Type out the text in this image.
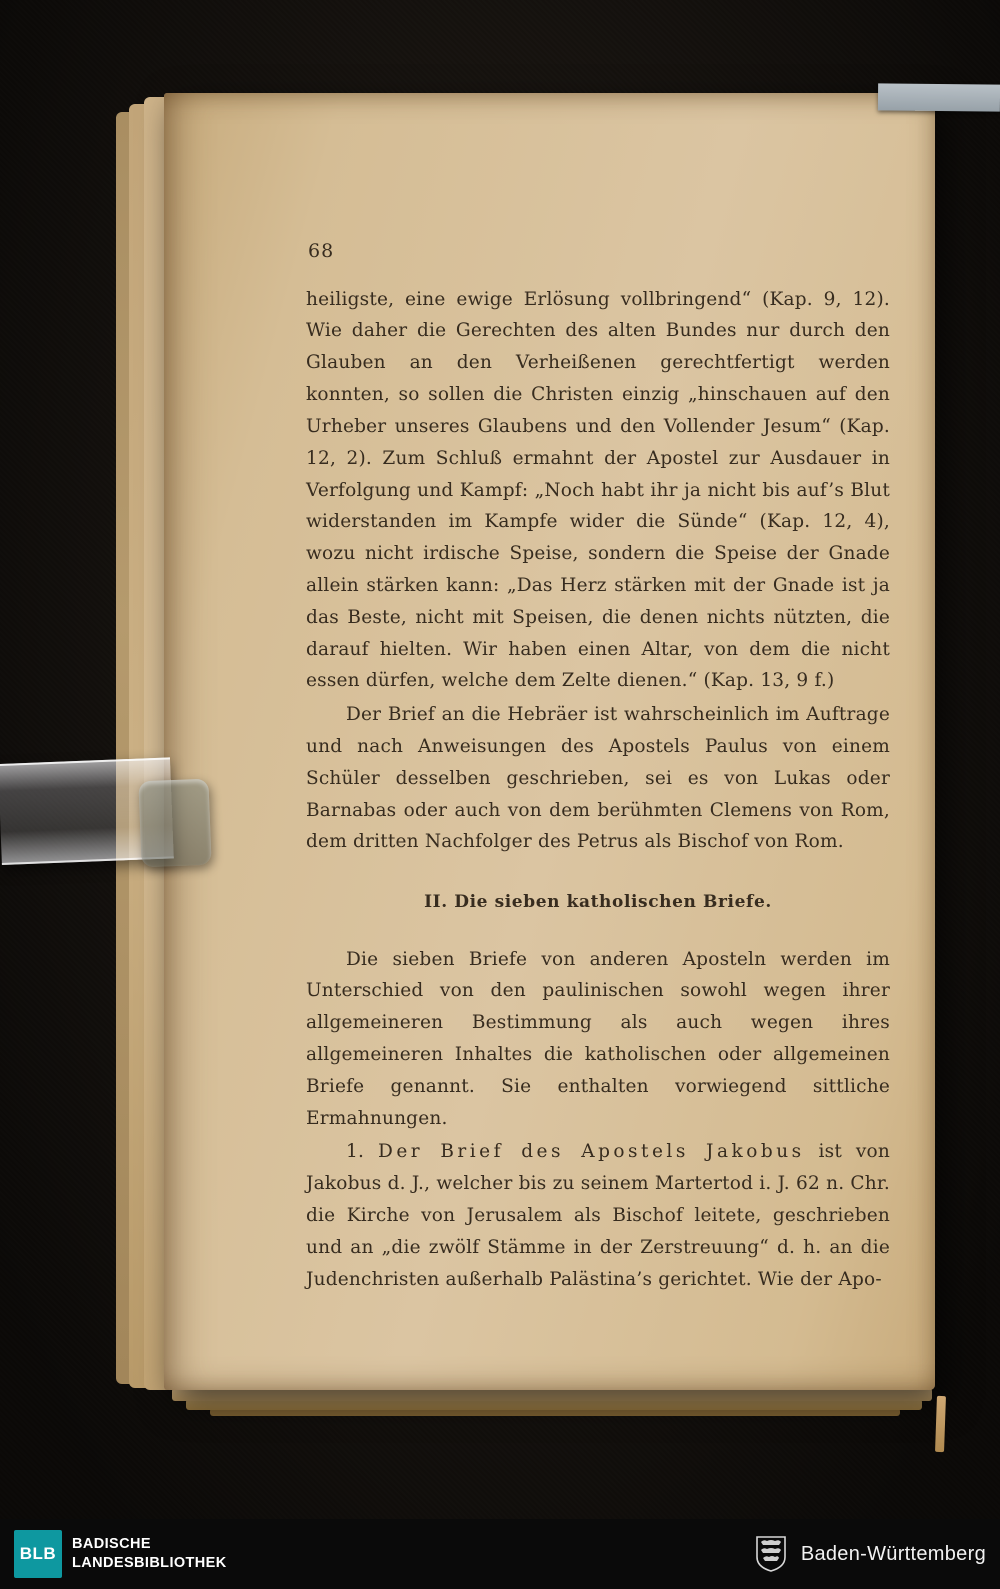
68

heiligste, eine ewige Erlösung vollbringend“ (Kap. 9, 12). Wie daher die Gerechten des alten Bundes nur durch den Glauben an den Verheißenen gerechtfertigt werden konnten, so sollen die Christen einzig „hinschauen auf den Urheber unseres Glaubens und den Vollender Jesum“ (Kap. 12, 2). Zum Schluß ermahnt der Apostel zur Ausdauer in Verfolgung und Kampf: „Noch habt ihr ja nicht bis auf’s Blut widerstanden im Kampfe wider die Sünde“ (Kap. 12, 4), wozu nicht irdische Speise, sondern die Speise der Gnade allein stärken kann: „Das Herz stärken mit der Gnade ist ja das Beste, nicht mit Speisen, die denen nichts nützten, die darauf hielten. Wir haben einen Altar, von dem die nicht essen dürfen, welche dem Zelte dienen.“ (Kap. 13, 9 f.)

Der Brief an die Hebräer ist wahrscheinlich im Auftrage und nach Anweisungen des Apostels Paulus von einem Schüler desselben geschrieben, sei es von Lukas oder Barnabas oder auch von dem berühmten Clemens von Rom, dem dritten Nachfolger des Petrus als Bischof von Rom.

II. Die sieben katholischen Briefe.

Die sieben Briefe von anderen Aposteln werden im Unterschied von den paulinischen sowohl wegen ihrer allgemeineren Bestimmung als auch wegen ihres allgemeineren Inhaltes die katholischen oder allgemeinen Briefe genannt. Sie enthalten vorwiegend sittliche Ermahnungen.

1. Der Brief des Apostels Jakobus ist von Jakobus d. J., welcher bis zu seinem Martertod i. J. 62 n. Chr. die Kirche von Jerusalem als Bischof leitete, geschrieben und an „die zwölf Stämme in der Zerstreuung“ d. h. an die Judenchristen außerhalb Palästina’s gerichtet. Wie der Apo-

BLB	BADISCHE
LANDESBIBLIOTHEK	Baden-Württemberg
